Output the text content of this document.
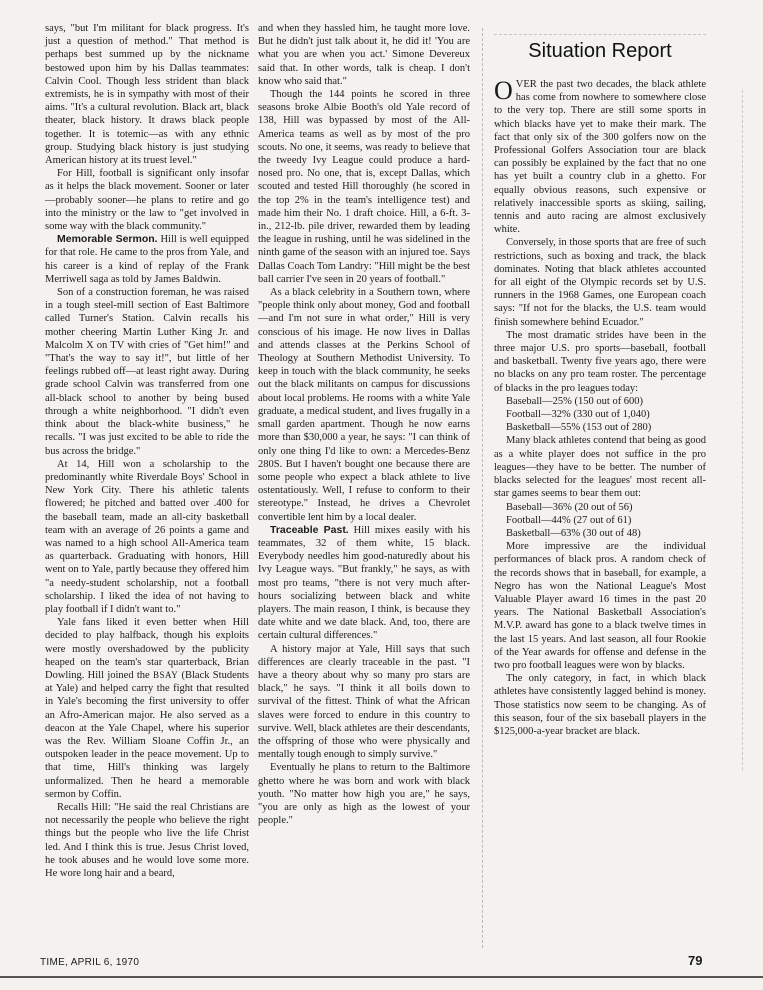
says, "but I'm militant for black progress. It's just a question of method." That method is perhaps best summed up by the nickname bestowed upon him by his Dallas teammates: Calvin Cool. Though less strident than black extremists, he is in sympathy with most of their aims. "It's a cultural revolution. Black art, black theater, black history. It draws black people together. It is totemic—as with any ethnic group. Studying black history is just studying American history at its truest level."

For Hill, football is significant only insofar as it helps the black movement. Sooner or later—probably sooner—he plans to retire and go into the ministry or the law to "get involved in some way with the black community."

Memorable Sermon. Hill is well equipped for that role. He came to the pros from Yale, and his career is a kind of replay of the Frank Merriwell saga as told by James Baldwin.

Son of a construction foreman, he was raised in a tough steel-mill section of East Baltimore called Turner's Station. Calvin recalls his mother cheering Martin Luther King Jr. and Malcolm X on TV with cries of "Get him!" and "That's the way to say it!", but little of her feelings rubbed off—at least right away. During grade school Calvin was transferred from one all-black school to another by being bused through a white neighborhood. "I didn't even think about the black-white business," he recalls. "I was just excited to be able to ride the bus across the bridge."

At 14, Hill won a scholarship to the predominantly white Riverdale Boys' School in New York City. There his athletic talents flowered; he pitched and batted over .400 for the baseball team, made an all-city basketball team with an average of 26 points a game and was named to a high school All-America team as quarterback. Graduating with honors, Hill went on to Yale, partly because they offered him "a needy-student scholarship, not a football scholarship. I liked the idea of not having to play football if I didn't want to."

Yale fans liked it even better when Hill decided to play halfback, though his exploits were mostly overshadowed by the publicity heaped on the team's star quarterback, Brian Dowling. Hill joined the BSAY (Black Students at Yale) and helped carry the fight that resulted in Yale's becoming the first university to offer an Afro-American major. He also served as a deacon at the Yale Chapel, where his superior was the Rev. William Sloane Coffin Jr., an outspoken leader in the peace movement. Up to that time, Hill's thinking was largely unformalized. Then he heard a memorable sermon by Coffin.

Recalls Hill: "He said the real Christians are not necessarily the people who believe the right things but the people who live the life Christ led. And I think this is true. Jesus Christ loved, he took abuses and he would love some more. He wore long hair and a beard,

and when they hassled him, he taught more love. But he didn't just talk about it, he did it! 'You are what you are when you act.' Simone Devereux said that. In other words, talk is cheap. I don't know who said that."

Though the 144 points he scored in three seasons broke Albie Booth's old Yale record of 138, Hill was bypassed by most of the All-America teams as well as by most of the pro scouts. No one, it seems, was ready to believe that the tweedy Ivy League could produce a hard-nosed pro. No one, that is, except Dallas, which scouted and tested Hill thoroughly (he scored in the top 2% in the team's intelligence test) and made him their No. 1 draft choice. Hill, a 6-ft. 3-in., 212-lb. pile driver, rewarded them by leading the league in rushing, until he was sidelined in the ninth game of the season with an injured toe. Says Dallas Coach Tom Landry: "Hill might be the best ball carrier I've seen in 20 years of football."

As a black celebrity in a Southern town, where "people think only about money, God and football—and I'm not sure in what order," Hill is very conscious of his image. He now lives in Dallas and attends classes at the Perkins School of Theology at Southern Methodist University. To keep in touch with the black community, he seeks out the black militants on campus for discussions about local problems. He rooms with a white Yale graduate, a medical student, and lives frugally in a small garden apartment. Though he now earns more than $30,000 a year, he says: "I can think of only one thing I'd like to own: a Mercedes-Benz 280S. But I haven't bought one because there are some people who expect a black athlete to live ostentatiously. Well, I refuse to conform to their stereotype." Instead, he drives a Chevrolet convertible lent him by a local dealer.

Traceable Past. Hill mixes easily with his teammates, 32 of them white, 15 black. Everybody needles him good-naturedly about his Ivy League ways. "But frankly," he says, as with most pro teams, "there is not very much after-hours socializing between black and white players. The main reason, I think, is because they date white and we date black. And, too, there are certain cultural differences."

A history major at Yale, Hill says that such differences are clearly traceable in the past. "I have a theory about why so many pro stars are black," he says. "I think it all boils down to survival of the fittest. Think of what the African slaves were forced to endure in this country to survive. Well, black athletes are their descendants, the offspring of those who were physically and mentally tough enough to simply survive."

Eventually he plans to return to the Baltimore ghetto where he was born and work with black youth. "No matter how high you are," he says, "you are only as high as the lowest of your people."

Situation Report

OVER the past two decades, the black athlete has come from nowhere to somewhere close to the very top. There are still some sports in which blacks have yet to make their mark. The fact that only six of the 300 golfers now on the Professional Golfers Association tour are black can possibly be explained by the fact that no one has yet built a country club in a ghetto. For equally obvious reasons, such expensive or relatively inaccessible sports as skiing, sailing, tennis and auto racing are almost exclusively white.

Conversely, in those sports that are free of such restrictions, such as boxing and track, the black dominates. Noting that black athletes accounted for all eight of the Olympic records set by U.S. runners in the 1968 Games, one European coach says: "If not for the blacks, the U.S. team would finish somewhere behind Ecuador."

The most dramatic strides have been in the three major U.S. pro sports—baseball, football and basketball. Twenty five years ago, there were no blacks on any pro team roster. The percentage of blacks in the pro leagues today:

Baseball—25% (150 out of 600)

Football—32% (330 out of 1,040)

Basketball—55% (153 out of 280)

Many black athletes contend that being as good as a white player does not suffice in the pro leagues—they have to be better. The number of blacks selected for the leagues' most recent all-star games seems to bear them out:

Baseball—36% (20 out of 56)

Football—44% (27 out of 61)

Basketball—63% (30 out of 48)

More impressive are the individual performances of black pros. A random check of the records shows that in baseball, for example, a Negro has won the National League's Most Valuable Player award 16 times in the past 20 years. The National Basketball Association's M.V.P. award has gone to a black twelve times in the last 15 years. And last season, all four Rookie of the Year awards for offense and defense in the two pro football leagues were won by blacks.

The only category, in fact, in which black athletes have consistently lagged behind is money. Those statistics now seem to be changing. As of this season, four of the six baseball players in the $125,000-a-year bracket are black.

TIME, APRIL 6, 1970	79
